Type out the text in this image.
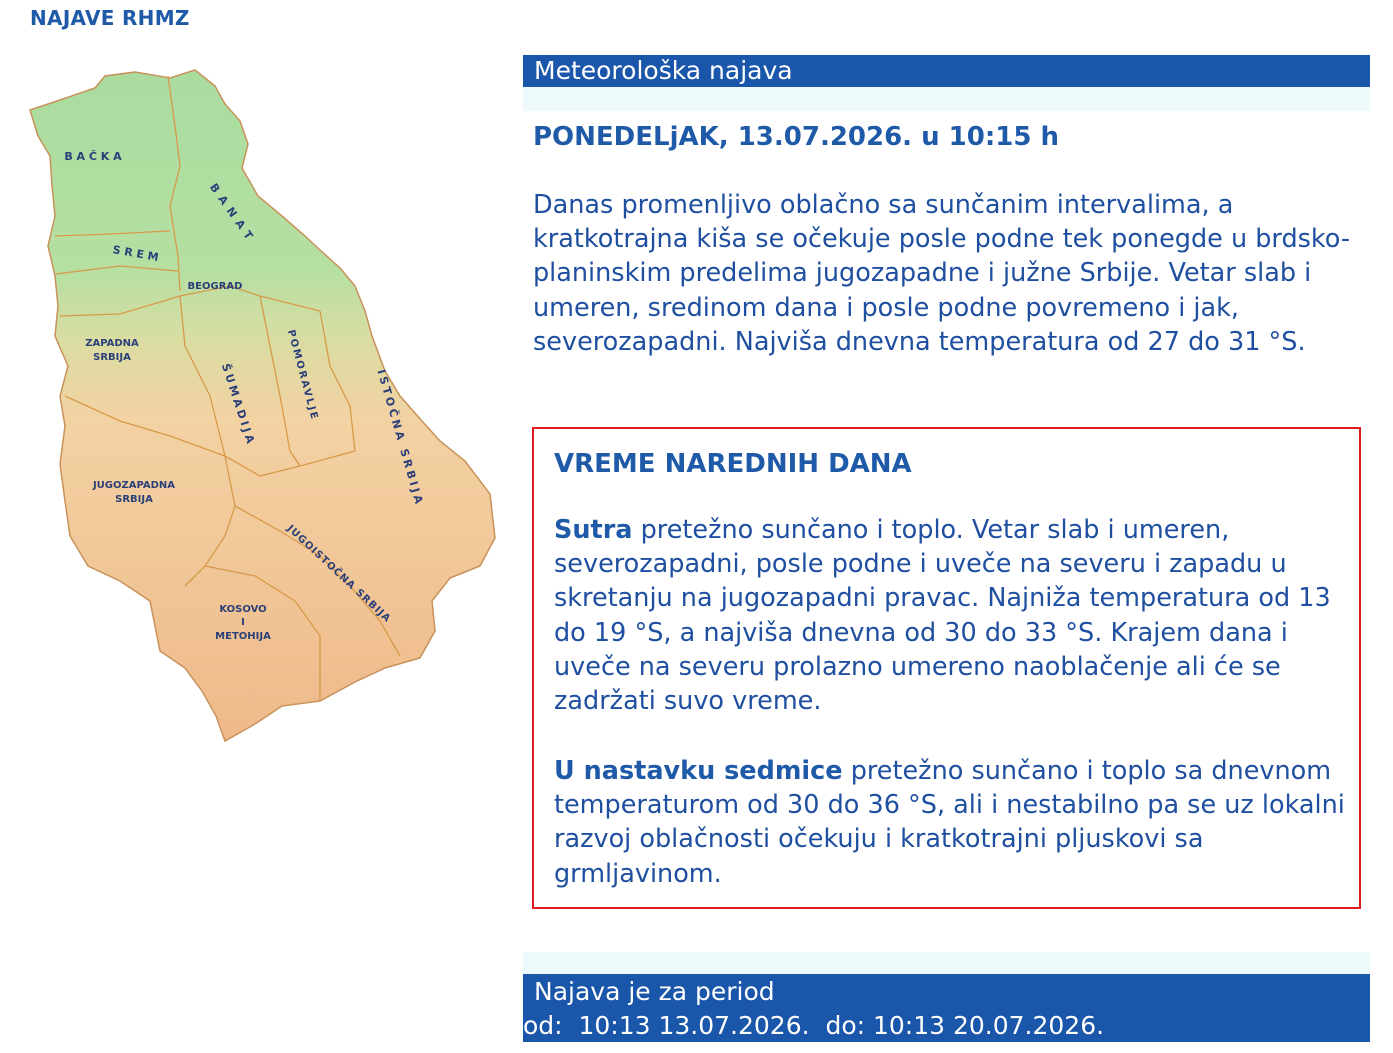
NAJAVE RHMZ
B A Č K A
BANAT
S R E M
BEOGRAD
ZAPADNA
SRBIJA
ŠUMADIJA	POMORAVLJE	ISTOČNA SRBIJA
JUGOZAPADNA
SRBIJA
JUGOISTOČNA SRBIJA
KOSOVO
I
METOHIJA
Meteorološka najava
PONEDELjAK, 13.07.2026. u 10:15 h
Danas promenljivo oblačno sa sunčanim intervalima, a kratkotrajna kiša se očekuje posle podne tek ponegde u brdsko-planinskim predelima jugozapadne i južne Srbije. Vetar slab i umeren, sredinom dana i posle podne povremeno i jak, severozapadni. Najviša dnevna temperatura od 27 do 31 °S.
VREME NAREDNIH DANA
Sutra pretežno sunčano i toplo. Vetar slab i umeren, severozapadni, posle podne i uveče na severu i zapadu u skretanju na jugozapadni pravac. Najniža temperatura od 13 do 19 °S, a najviša dnevna od 30 do 33 °S. Krajem dana i uveče na severu prolazno umereno naoblačenje ali će se zadržati suvo vreme.
U nastavku sedmice pretežno sunčano i toplo sa dnevnom temperaturom od 30 do 36 °S, ali i nestabilno pa se uz lokalni razvoj oblačnosti očekuju i kratkotrajni pljuskovi sa grmljavinom.
Najava je za period
od:  10:13 13.07.2026.  do: 10:13 20.07.2026.
